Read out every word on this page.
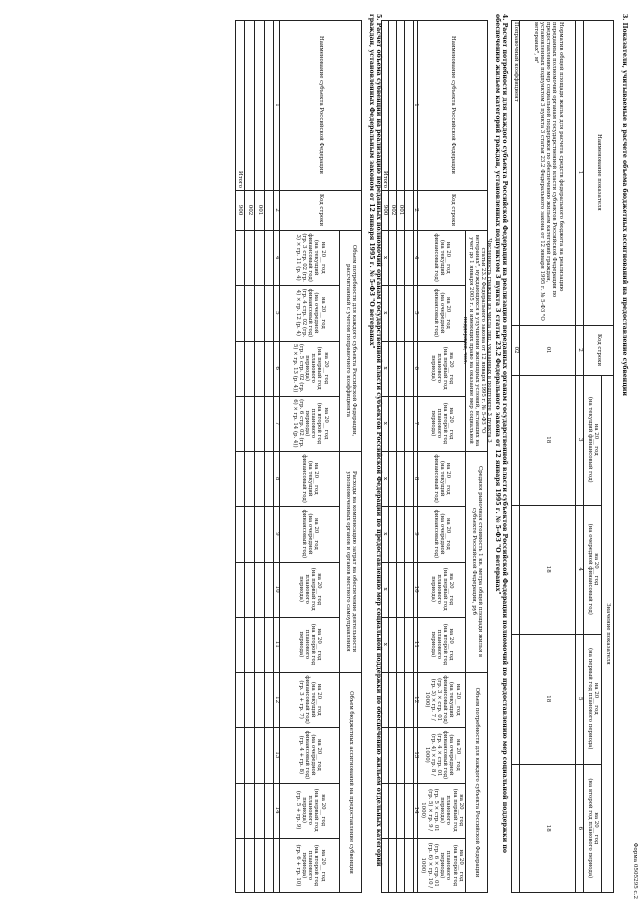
Форма 0505295 с.2
3. Показатели, учитываемые в расчете объема бюджетных ассигнований на предоставление субвенции
Наименование показателя
Код строки
Значение показателя
на 20__ год
(на текущий финансовый год)
на 20__ год
(на очередной финансовый год)
на 20__ год
(на первый год планового периода)
на 20__ год
(на второй год планового периода)
1
2
3
4
5
6
Норматив общей площади жилья для расчета средств федерального бюджета на реализацию переданных полномочий органам государственной власти субъектов Российской Федерации по предоставлению мер социальной поддержки по обеспечению жильем категорий граждан, установленных подпунктом 3 пункта 3 статьи 23.2 Федерального закона от 12 января 1995 г. № 5-ФЗ "О ветеранах", м²
01
18
18
18
18
Поправочный коэффициент
02
4. Расчет потребности для каждого субъекта Российской Федерации на реализацию переданных органам государственной власти субъектов Российской Федерации полномочий по предоставлению мер социальной поддержки по обеспечению жильем категорий граждан, установленных подпунктом 3 пункта 3 статьи 23.2 Федерального закона от 12 января 1995 г. № 5-ФЗ "О ветеранах"
Наименование субъекта Российской Федерации
Код строки
Численность граждан из числа лиц, указанных в подпункте 3 пункта 3 статьи 23.2 Федерального закона от 12 января 1995 г. № 5-ФЗ "О ветеранах", нуждающихся в улучшении жилищных условий, вставших на учет до 1 января 2005 г. и имеющих право на оказание мер социальной поддержки, чел.
на 20__ год
(на текущий финансовый год)
на 20__ год
(на очередной финансовый год)
на 20__ год
(на первый год планового периода)
на 20__ год
(на второй год планового периода)
Средняя рыночная стоимость 1 кв. метра общей площади жилья в субъекте Российской Федерации, руб
на 20__ год
(на текущий финансовый год)
на 20__ год
(на очередной финансовый год)
на 20__ год
(на первый год планового периода)
на 20__ год
(на второй год планового периода)
Объем потребности для каждого субъекта Российской Федерации
на 20__ год
(на текущий финансовый год)
(гр. 3 × стр. 01 (гр. 3) × гр. 7 / 1000)
на 20__ год
(на очередной финансовый год)
(гр. 4 × стр. 01 (гр. 4) × гр. 8 / 1000)
на 20__ год
(на первый год планового периода)
(гр. 5 × стр. 01 (гр. 5) × гр. 9 / 1000)
на 20__ год
(на второй год планового периода)
(гр. 6 × стр. 01 (гр. 6) × гр. 10 / 1000)
1
2
4
5
6
7
8
9
10
11
12
13
14
001
002
Итого
900
x
x
x
x
x
x
x
x
5. Расчет объема субвенции на реализацию переданных полномочий органам государственной власти субъектов Российской Федерации по предоставлению мер социальной поддержки по обеспечению жильем отдельных категорий граждан, установленных Федеральным законом от 12 января 1995 г. № 5-ФЗ "О ветеранах"
Наименование субъекта Российской Федерации
Код строки
Объем потребности для каждого субъекта Российской Федерации, рассчитанный с учетом поправочного коэффициента
на 20__ год
(на текущий финансовый год)
(гр. 3 стр. 02 (гр. 3) × гр. 11 (р. 4)
на 20__ год
(на очередной финансовый год)
(гр. 4 стр. 02 (гр. 4) × гр. 12 (р. 4)
на 20__ год
(на первый год планового периода)
(гр. 5 стр. 02 (гр. 5) × гр. 13 (р. 4))
на 20__ год
(на второй год планового периода)
(гр. 6 стр. 02 (гр. 6) × гр. 14 (р. 4))
Расходы на компенсацию затрат на обеспечение деятельности уполномоченных органов и органов местного самоуправления
на 20__ год
(на текущий финансовый год)
на 20__ год
(на очередной финансовый год)
на 20__ год
(на первый год планового периода)
на 20__ год
(на второй год планового периода)
Объем бюджетных ассигнований на предоставление субвенции
на 20__ год
(на текущий финансовый год)
(гр. 3 + гр. 7)
на 20__ год
(на очередной финансовый год)
(гр. 4 + гр. 8)
на 20__ год
(на первый год планового периода)
(гр. 5 + гр. 9)
на 20__ год
(на второй год планового периода)
(гр. 6 + гр. 10)
1
2
4
5
6
7
8
9
10
11
12
13
14
001
002
Итого
900
